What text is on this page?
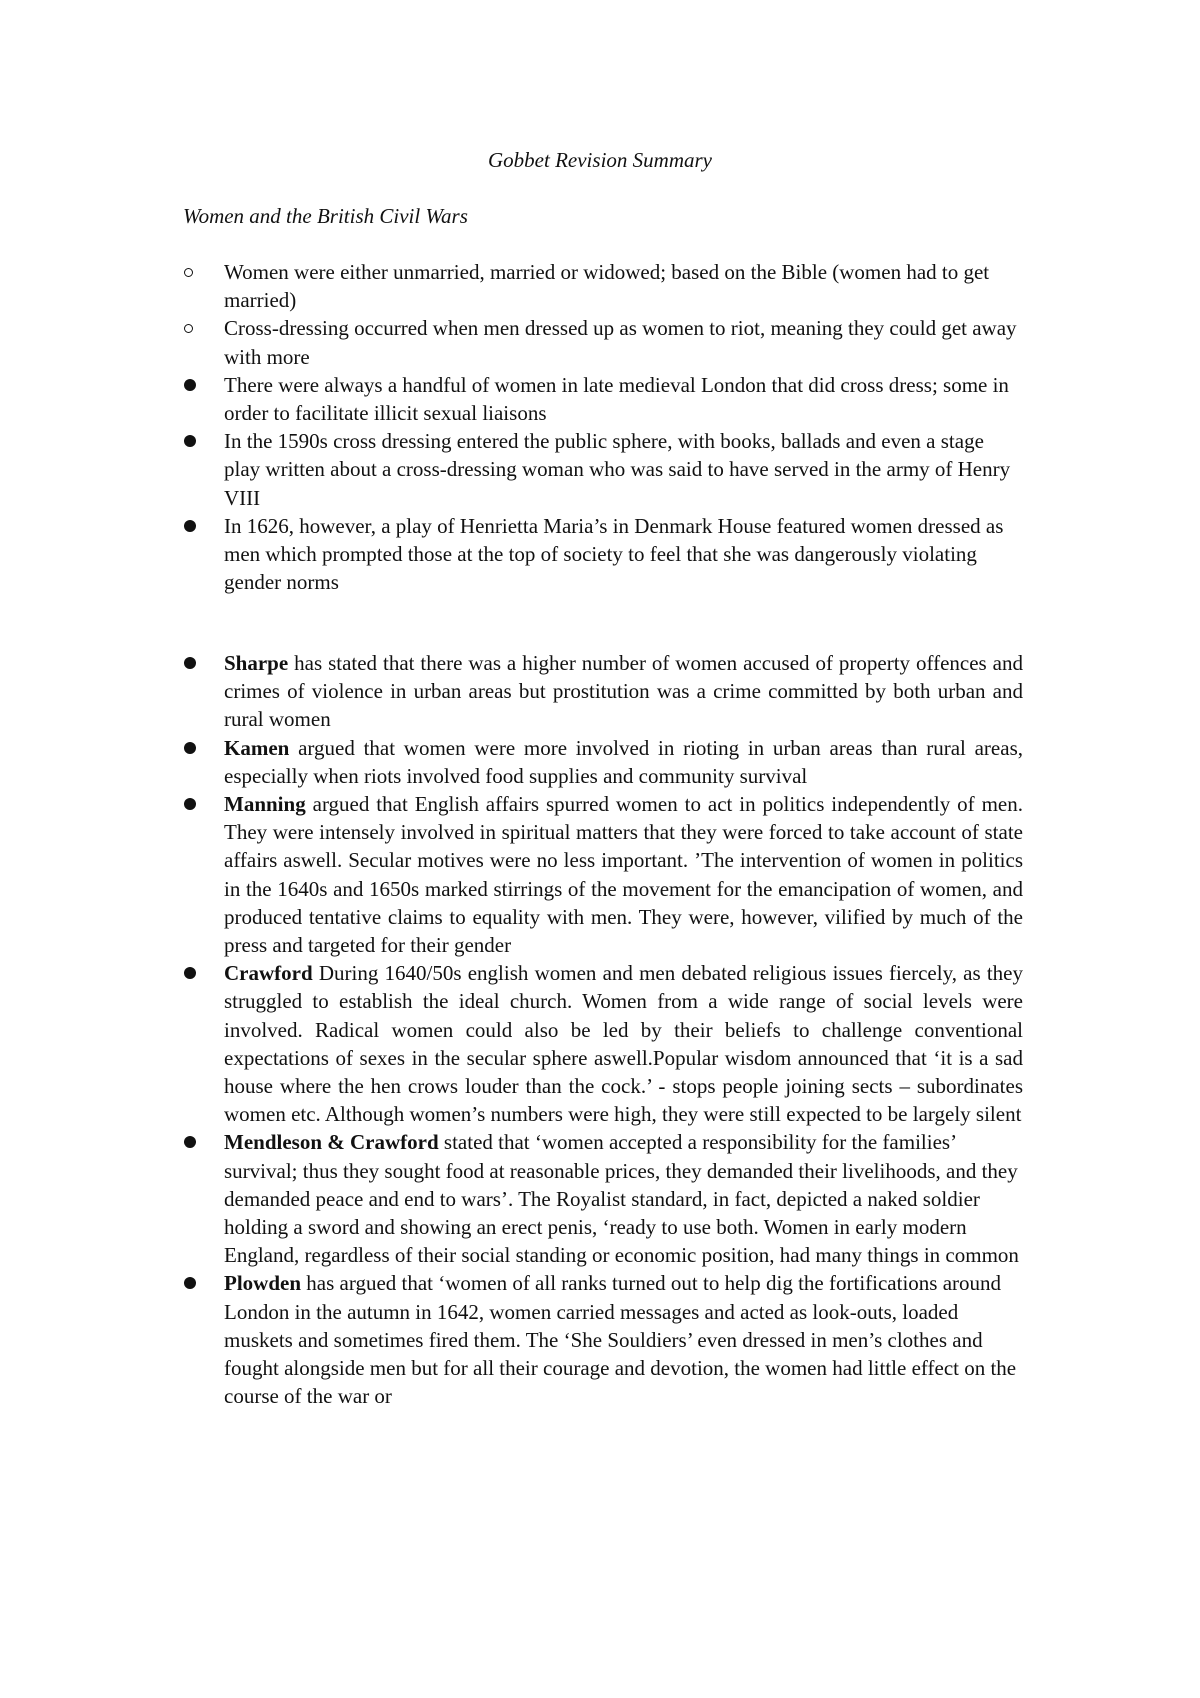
Gobbet Revision Summary
Women and the British Civil Wars
Women were either unmarried, married or widowed; based on the Bible (women had to get married)
Cross-dressing occurred when men dressed up as women to riot, meaning they could get away with more
There were always a handful of women in late medieval London that did cross dress; some in order to facilitate illicit sexual liaisons
In the 1590s cross dressing entered the public sphere, with books, ballads and even a stage play written about a cross-dressing woman who was said to have served in the army of Henry VIII
In 1626, however, a play of Henrietta Maria’s in Denmark House featured women dressed as men which prompted those at the top of society to feel that she was dangerously violating gender norms
Sharpe has stated that there was a higher number of women accused of property offences and crimes of violence in urban areas but prostitution was a crime committed by both urban and rural women
Kamen argued that women were more involved in rioting in urban areas than rural areas, especially when riots involved food supplies and community survival
Manning argued that English affairs spurred women to act in politics independently of men. They were intensely involved in spiritual matters that they were forced to take account of state affairs aswell. Secular motives were no less important. ’The intervention of women in politics in the 1640s and 1650s marked stirrings of the movement for the emancipation of women, and produced tentative claims to equality with men. They were, however, vilified by much of the press and targeted for their gender
Crawford During 1640/50s english women and men debated religious issues fiercely, as they struggled to establish the ideal church. Women from a wide range of social levels were involved. Radical women could also be led by their beliefs to challenge conventional expectations of sexes in the secular sphere aswell.Popular wisdom announced that ‘it is a sad house where the hen crows louder than the cock.’ - stops people joining sects – subordinates women etc. Although women’s numbers were high, they were still expected to be largely silent
Mendleson & Crawford stated that ‘women accepted a responsibility for the families’ survival; thus they sought food at reasonable prices, they demanded their livelihoods, and they demanded peace and end to wars’. The Royalist standard, in fact, depicted a naked soldier holding a sword and showing an erect penis, ‘ready to use both. Women in early modern England, regardless of their social standing or economic position, had many things in common
Plowden has argued that ‘women of all ranks turned out to help dig the fortifications around London in the autumn in 1642, women carried messages and acted as look-outs, loaded muskets and sometimes fired them. The ‘She Souldiers’ even dressed in men’s clothes and fought alongside men but for all their courage and devotion, the women had little effect on the course of the war or
